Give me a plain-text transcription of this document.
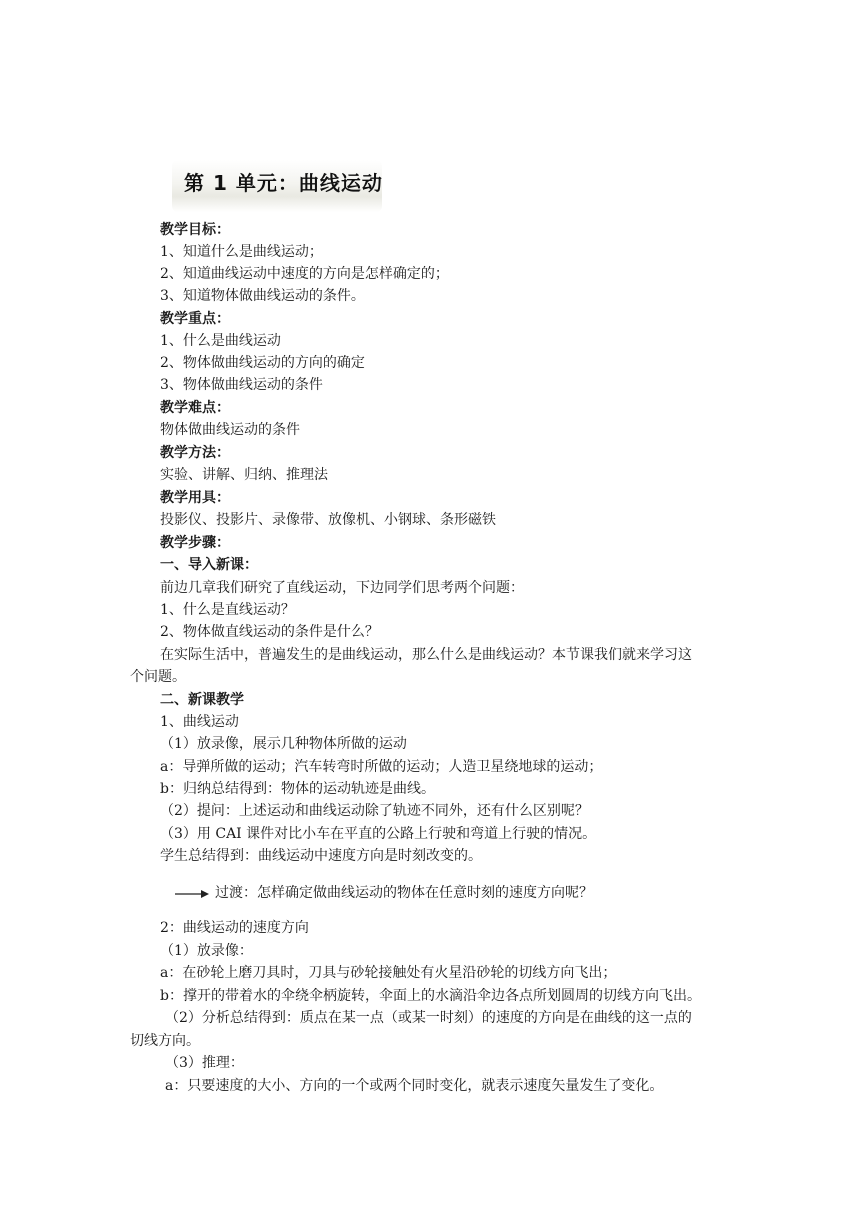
第 1 单元：曲线运动
教学目标：
1、知道什么是曲线运动；
2、知道曲线运动中速度的方向是怎样确定的；
3、知道物体做曲线运动的条件。
教学重点：
1、什么是曲线运动
2、物体做曲线运动的方向的确定
3、物体做曲线运动的条件
教学难点：
物体做曲线运动的条件
教学方法：
实验、讲解、归纳、推理法
教学用具：
投影仪、投影片、录像带、放像机、小钢球、条形磁铁
教学步骤：
一、导入新课：
前边几章我们研究了直线运动，下边同学们思考两个问题：
1、什么是直线运动？
2、物体做直线运动的条件是什么？
在实际生活中，普遍发生的是曲线运动，那么什么是曲线运动？本节课我们就来学习这
个问题。
二、新课教学
1、曲线运动
（1）放录像，展示几种物体所做的运动
a：导弹所做的运动；汽车转弯时所做的运动；人造卫星绕地球的运动；
b：归纳总结得到：物体的运动轨迹是曲线。
（2）提问：上述运动和曲线运动除了轨迹不同外，还有什么区别呢？
（3）用 CAI 课件对比小车在平直的公路上行驶和弯道上行驶的情况。
学生总结得到：曲线运动中速度方向是时刻改变的。
过渡：怎样确定做曲线运动的物体在任意时刻的速度方向呢？
2：曲线运动的速度方向
（1）放录像：
a：在砂轮上磨刀具时，刀具与砂轮接触处有火星沿砂轮的切线方向飞出；
b：撑开的带着水的伞绕伞柄旋转，伞面上的水滴沿伞边各点所划圆周的切线方向飞出。
（2）分析总结得到：质点在某一点（或某一时刻）的速度的方向是在曲线的这一点的
切线方向。
（3）推理：
a：只要速度的大小、方向的一个或两个同时变化，就表示速度矢量发生了变化。
